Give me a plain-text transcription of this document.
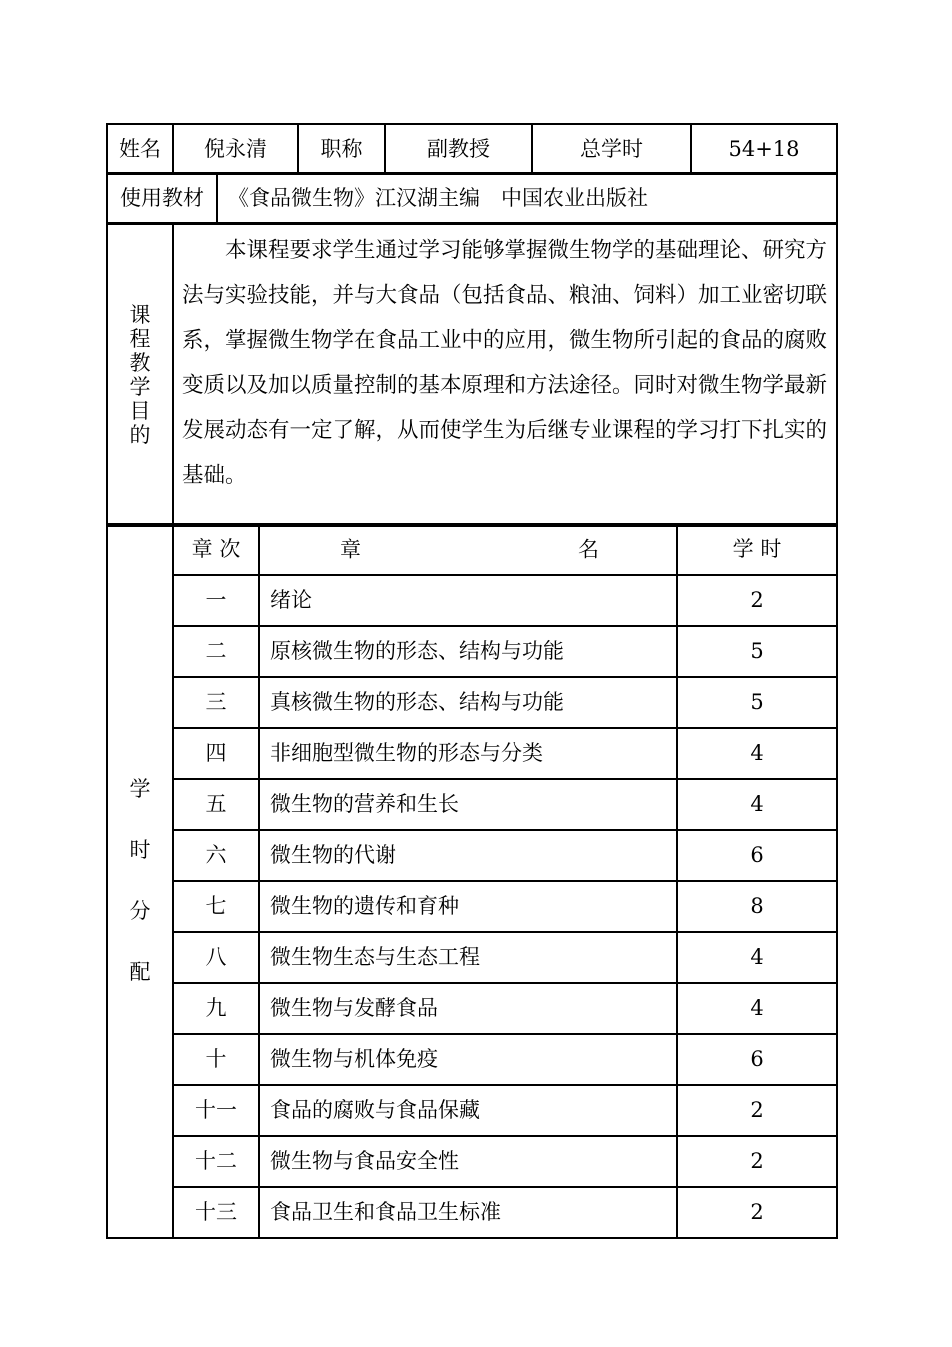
姓名	倪永清	职称	副教授	总学时	54+18
使用教材	《食品微生物》江汉湖主编　中国农业出版社
课
程
教
学
目
的
	本课程要求学生通过学习能够掌握微生物学的基础理论、研究方法与实验技能，并与大食品（包括食品、粮油、饲料）加工业密切联系，掌握微生物学在食品工业中的应用，微生物所引起的食品的腐败变质以及加以质量控制的基本原理和方法途径。同时对微生物学最新发展动态有一定了解，从而使学生为后继专业课程的学习打下扎实的基础。
学
时
分
配	章 次	章 名	学 时
	一	绪论	2
	二	原核微生物的形态、结构与功能	5
	三	真核微生物的形态、结构与功能	5
	四	非细胞型微生物的形态与分类	4
	五	微生物的营养和生长	4
	六	微生物的代谢	6
	七	微生物的遗传和育种	8
	八	微生物生态与生态工程	4
	九	微生物与发酵食品	4
	十	微生物与机体免疫	6
	十一	食品的腐败与食品保藏	2
	十二	微生物与食品安全性	2
	十三	食品卫生和食品卫生标准	2
